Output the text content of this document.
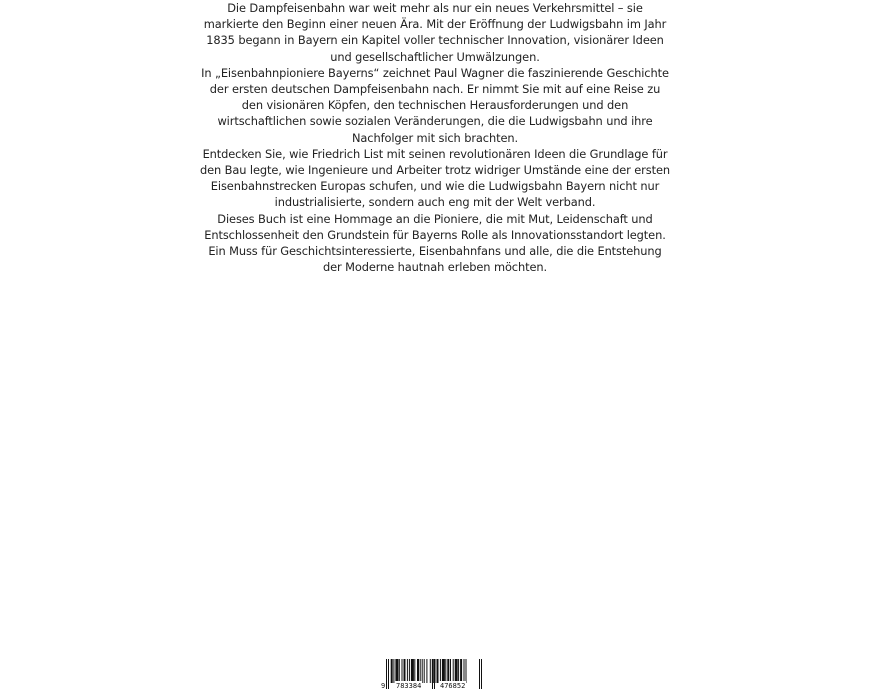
Die Dampfeisenbahn war weit mehr als nur ein neues Verkehrsmittel – sie markierte den Beginn einer neuen Ära. Mit der Eröffnung der Ludwigsbahn im Jahr 1835 begann in Bayern ein Kapitel voller technischer Innovation, visionärer Ideen und gesellschaftlicher Umwälzungen.

In „Eisenbahnpioniere Bayerns“ zeichnet Paul Wagner die faszinierende Geschichte der ersten deutschen Dampfeisenbahn nach. Er nimmt Sie mit auf eine Reise zu den visionären Köpfen, den technischen Herausforderungen und den wirtschaftlichen sowie sozialen Veränderungen, die die Ludwigsbahn und ihre Nachfolger mit sich brachten.

Entdecken Sie, wie Friedrich List mit seinen revolutionären Ideen die Grundlage für den Bau legte, wie Ingenieure und Arbeiter trotz widriger Umstände eine der ersten Eisenbahnstrecken Europas schufen, und wie die Ludwigsbahn Bayern nicht nur industrialisierte, sondern auch eng mit der Welt verband.

Dieses Buch ist eine Hommage an die Pioniere, die mit Mut, Leidenschaft und Entschlossenheit den Grundstein für Bayerns Rolle als Innovationsstandort legten. Ein Muss für Geschichtsinteressierte, Eisenbahnfans und alle, die die Entstehung der Moderne hautnah erleben möchten.

9 783384	476852
